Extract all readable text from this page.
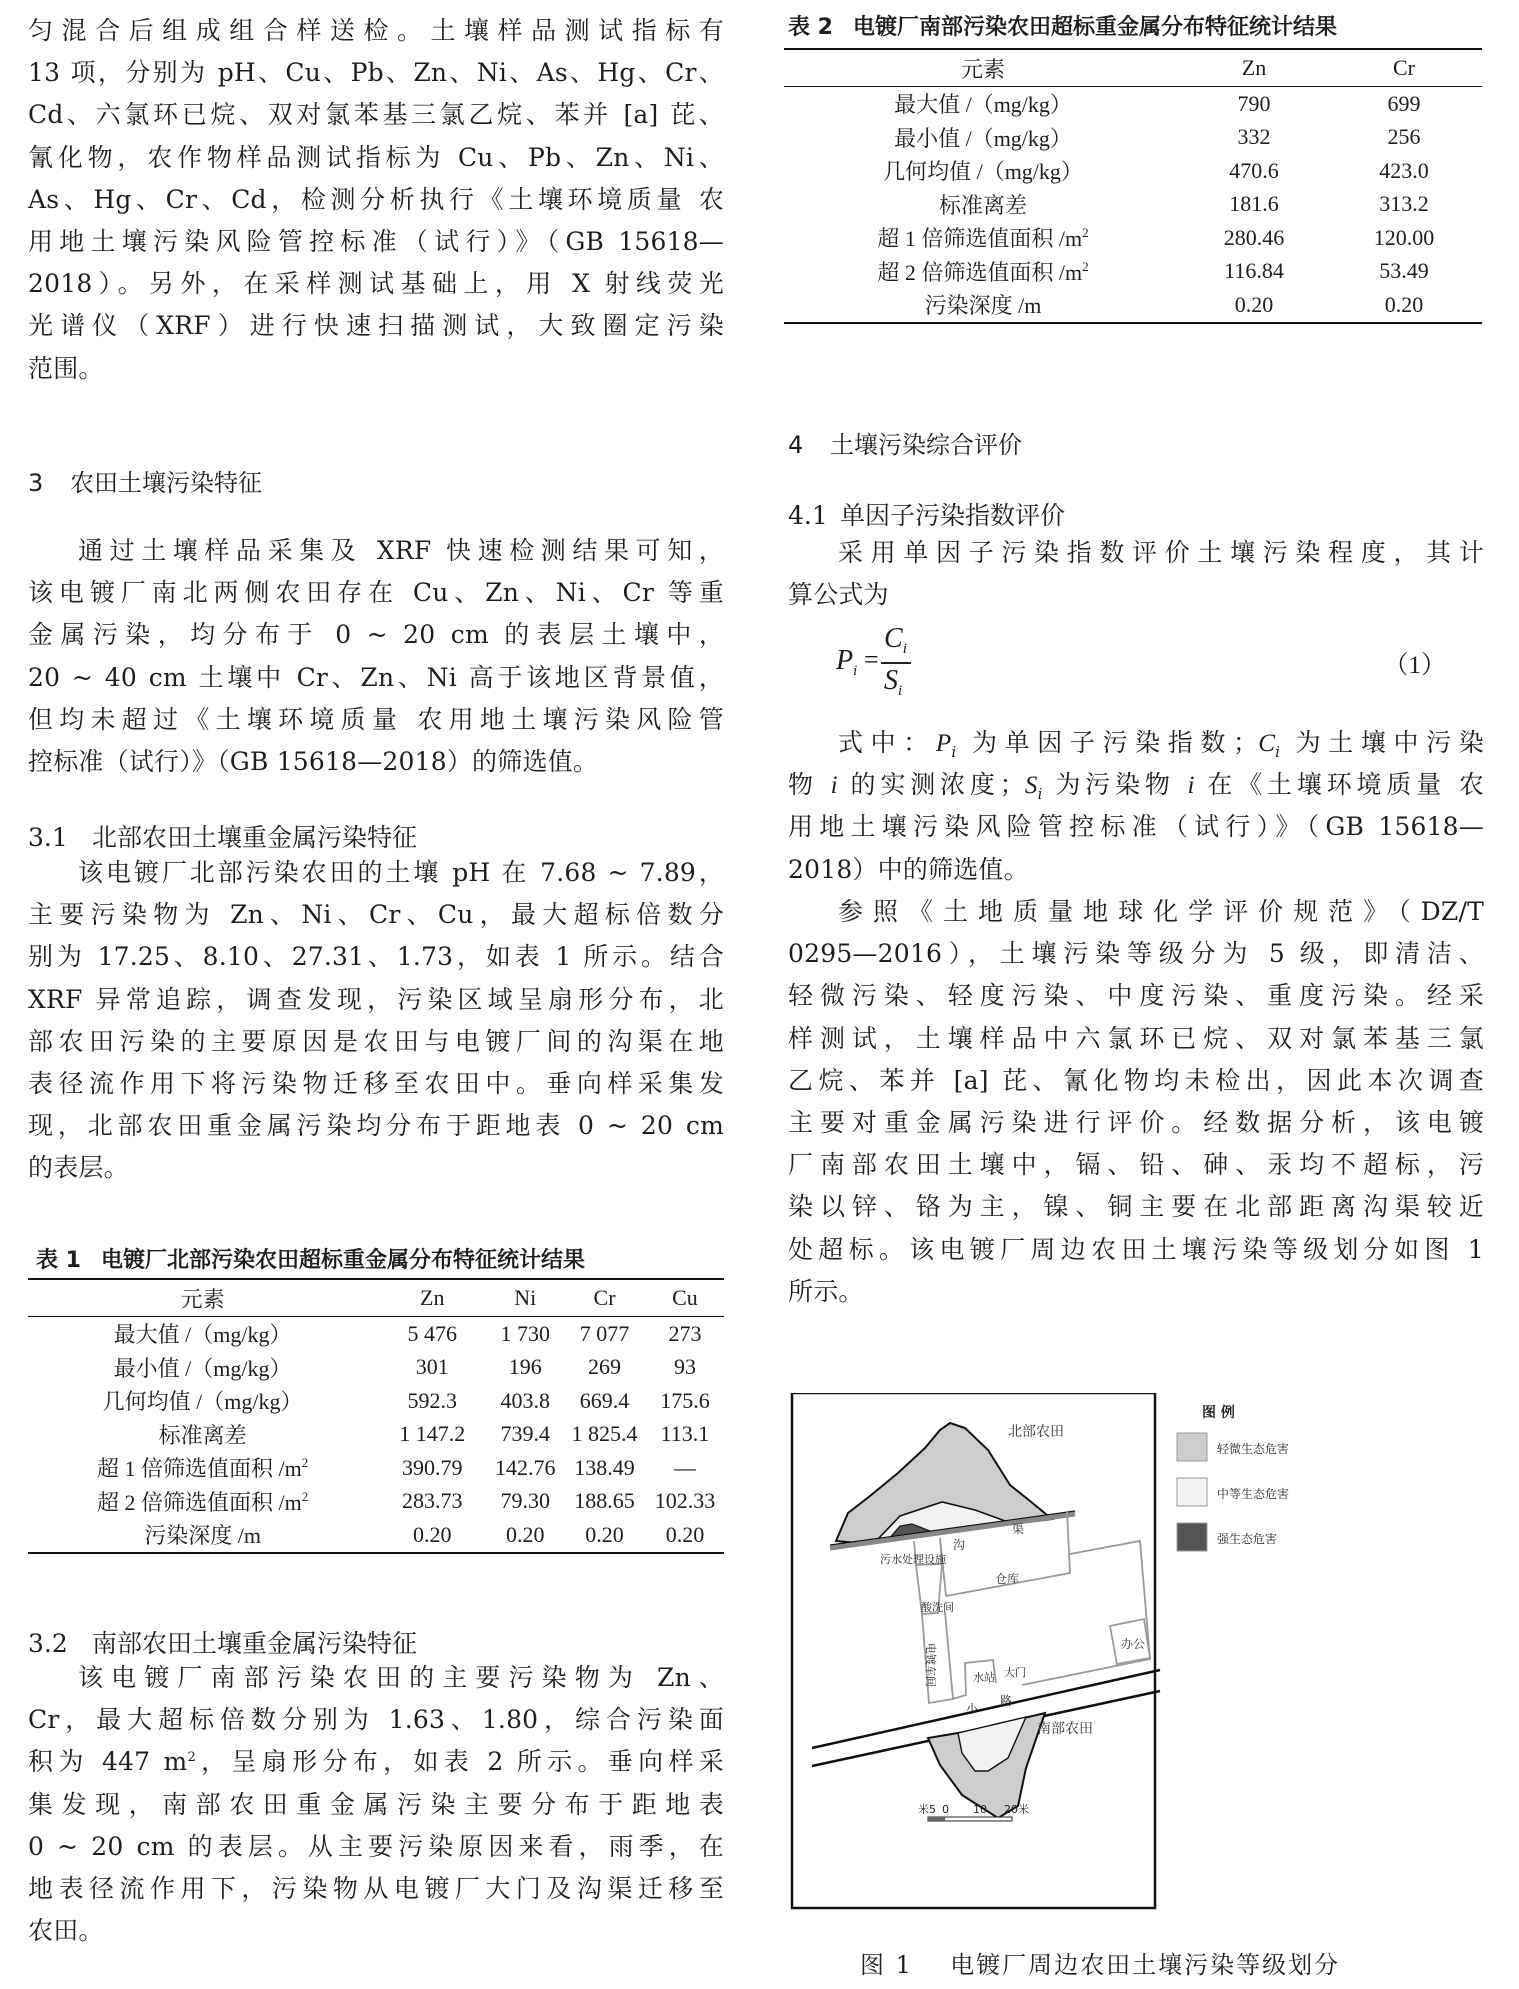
匀混合后组成组合样送检。土壤样品测试指标有
13 项，分别为 pH、Cu、Pb、Zn、Ni、As、Hg、Cr、
Cd、六氯环已烷、双对氯苯基三氯乙烷、苯并 [a] 芘、
氰化物，农作物样品测试指标为 Cu、Pb、Zn、Ni、
As、Hg、Cr、Cd，检测分析执行《土壤环境质量 农
用地土壤污染风险管控标准（试行）》（GB 15618—
2018）。另外，在采样测试基础上，用 X 射线荧光
光谱仪（XRF）进行快速扫描测试，大致圈定污染
范围。
3 农田土壤污染特征
通过土壤样品采集及 XRF 快速检测结果可知，
该电镀厂南北两侧农田存在 Cu、Zn、Ni、Cr 等重
金属污染，均分布于 0 ~ 20 cm 的表层土壤中，
20 ~ 40 cm 土壤中 Cr、Zn、Ni 高于该地区背景值，
但均未超过《土壤环境质量 农用地土壤污染风险管
控标准（试行）》（GB 15618—2018）的筛选值。
3.1 北部农田土壤重金属污染特征
该电镀厂北部污染农田的土壤 pH 在 7.68 ~ 7.89，
主要污染物为 Zn、Ni、Cr、Cu，最大超标倍数分
别为 17.25、8.10、27.31、1.73，如表 1 所示。结合
XRF 异常追踪，调查发现，污染区域呈扇形分布，北
部农田污染的主要原因是农田与电镀厂间的沟渠在地
表径流作用下将污染物迁移至农田中。垂向样采集发
现，北部农田重金属污染均分布于距地表 0 ~ 20 cm
的表层。
表 1 电镀厂北部污染农田超标重金属分布特征统计结果
元素	Zn	Ni	Cr	Cu
最大值 /（mg/kg）	5 476	1 730	7 077	273
最小值 /（mg/kg）	301	196	269	93
几何均值 /（mg/kg）	592.3	403.8	669.4	175.6
标准离差	1 147.2	739.4	1 825.4	113.1
超 1 倍筛选值面积 $/m^2$	390.79	142.76	138.49	—
超 2 倍筛选值面积 $/m^2$	283.73	79.30	188.65	102.33
污染深度 /m	0.20	0.20	0.20	0.20
3.2 南部农田土壤重金属污染特征
该电镀厂南部污染农田的主要污染物为 Zn、
Cr，最大超标倍数分别为 1.63、1.80，综合污染面
积为 447 $m^2$，呈扇形分布，如表 2 所示。垂向样采
集发现，南部农田重金属污染主要分布于距地表
0 ~ 20 cm 的表层。从主要污染原因来看，雨季，在
地表径流作用下，污染物从电镀厂大门及沟渠迁移至
农田。
表 2 电镀厂南部污染农田超标重金属分布特征统计结果
元素	Zn	Cr
最大值 /（mg/kg）	790	699
最小值 /（mg/kg）	332	256
几何均值 /（mg/kg）	470.6	423.0
标准离差	181.6	313.2
超 1 倍筛选值面积 $/m^2$	280.46	120.00
超 2 倍筛选值面积 $/m^2$	116.84	53.49
污染深度 /m	0.20	0.20
4 土壤污染综合评价
4.1 单因子污染指数评价
采用单因子污染指数评价土壤污染程度，其计
算公式为
$P_i$ =
$C_i$
$S_i$
（1）
式中：$P_i$ 为单因子污染指数；$C_i$ 为土壤中污染
物 i 的实测浓度；$S_i$ 为污染物 i 在《土壤环境质量 农
用地土壤污染风险管控标准（试行）》（GB 15618—
2018）中的筛选值。
参照《土地质量地球化学评价规范》（DZ/T
0295—2016），土壤污染等级分为 5 级，即清洁、
轻微污染、轻度污染、中度污染、重度污染。经采
样测试，土壤样品中六氯环已烷、双对氯苯基三氯
乙烷、苯并 [a] 芘、氰化物均未检出，因此本次调查
主要对重金属污染进行评价。经数据分析，该电镀
厂南部农田土壤中，镉、铅、砷、汞均不超标，污
染以锌、铬为主，镍、铜主要在北部距离沟渠较近
处超标。该电镀厂周边农田土壤污染等级划分如图 1
所示。
北部农田
沟
渠
污水处理设施
仓库
酸洗间
电镀车间	办公
水站 大门
小
路
南部农田
米5 0 10 20米
图 例
轻微生态危害
中等生态危害
强生态危害
图 1 电镀厂周边农田土壤污染等级划分
